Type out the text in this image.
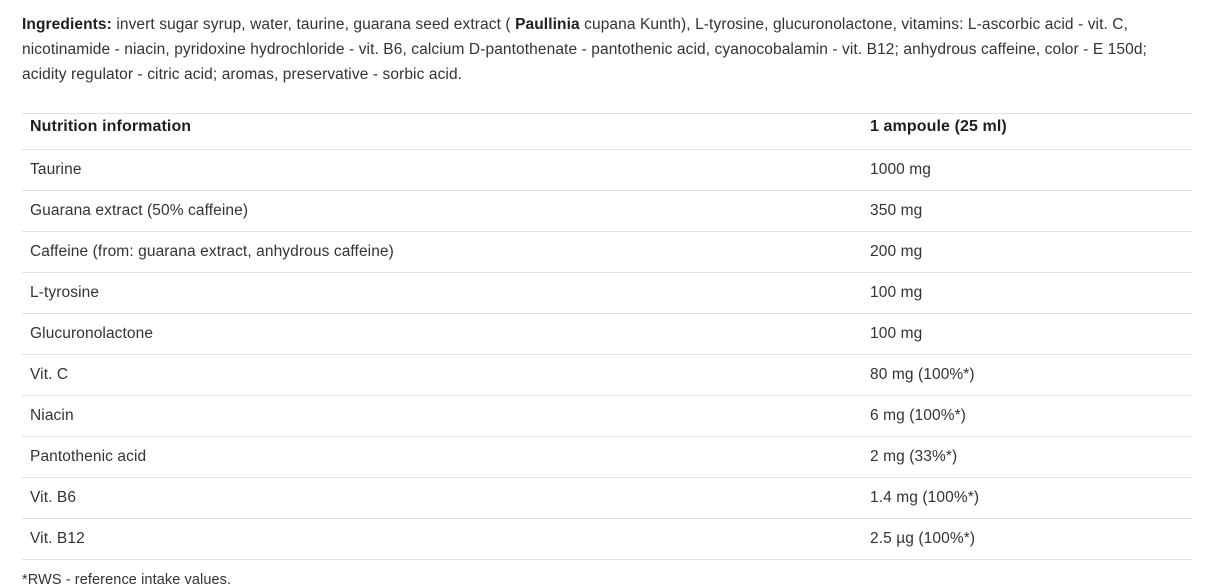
Ingredients: invert sugar syrup, water, taurine, guarana seed extract ( Paullinia cupana Kunth), L-tyrosine, glucuronolactone, vitamins: L-ascorbic acid - vit. C, nicotinamide - niacin, pyridoxine hydrochloride - vit. B6, calcium D-pantothenate - pantothenic acid, cyanocobalamin - vit. B12; anhydrous caffeine, color - E 150d; acidity regulator - citric acid; aromas, preservative - sorbic acid.

Nutrition information	1 ampoule (25 ml)
Taurine	1000 mg
Guarana extract (50% caffeine)	350 mg
Caffeine (from: guarana extract, anhydrous caffeine)	200 mg
L-tyrosine	100 mg
Glucuronolactone	100 mg
Vit. C	80 mg (100%*)
Niacin	6 mg (100%*)
Pantothenic acid	2 mg (33%*)
Vit. B6	1.4 mg (100%*)
Vit. B12	2.5 µg (100%*)
*RWS - reference intake values.
